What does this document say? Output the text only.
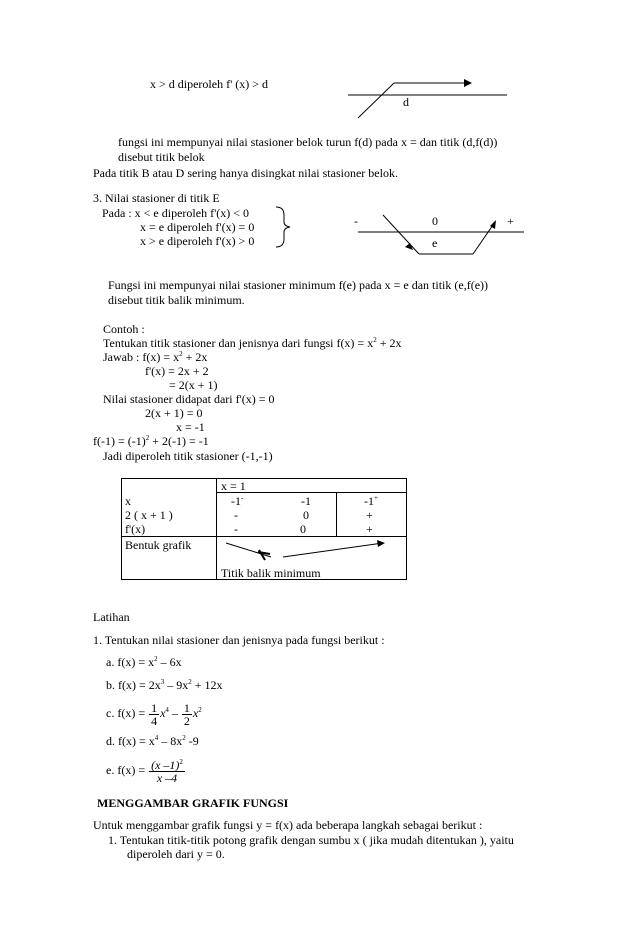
x > d diperoleh f' (x) > d
d
fungsi ini mempunyai nilai stasioner belok turun f(d) pada x = dan titik (d,f(d))
disebut titik belok
Pada titik B atau D sering hanya disingkat nilai stasioner belok.
3. Nilai stasioner di titik E
Pada : x < e diperoleh f'(x) < 0
x = e diperoleh f'(x) = 0
x > e diperoleh f'(x) > 0
-	0	+
e
Fungsi ini mempunyai nilai stasioner minimum f(e) pada x = e dan titik (e,f(e))
disebut titik balik minimum.
Contoh :
Tentukan titik stasioner dan jenisnya dari fungsi $f(x) = x^2 + 2x$
Jawab : $f(x) = x^2 + 2x$
f'(x) = 2x + 2
= 2(x + 1)
Nilai stasioner didapat dari f'(x) = 0
2(x + 1) = 0
x = -1
$f(-1) = (-1)^2 + 2(-1) = -1$
Jadi diperoleh titik stasioner (-1,-1)
x = 1
x	-1-	-1	-1+
2 ( x + 1 )	-	0	+
f'(x)	-	0	+
Bentuk grafik
Titik balik minimum
Latihan
1. Tentukan nilai stasioner dan jenisnya pada fungsi berikut :
a. $f(x) = x^2 - 6x$
b. $f(x) = 2x^3 - 9x^2 + 12x$
c. $f(x) = \frac{1}{4} x^4 - \frac{1}{2} x^2$
d. $f(x) = x^4 - 8x^2$ -9
e. $f(x) = \frac{(x -1)^2}{x -4}$
MENGGAMBAR GRAFIK FUNGSI
Untuk menggambar grafik fungsi y = f(x) ada beberapa langkah sebagai berikut :
1. Tentukan titik-titik potong grafik dengan sumbu x ( jika mudah ditentukan ), yaitu
diperoleh dari y = 0.
